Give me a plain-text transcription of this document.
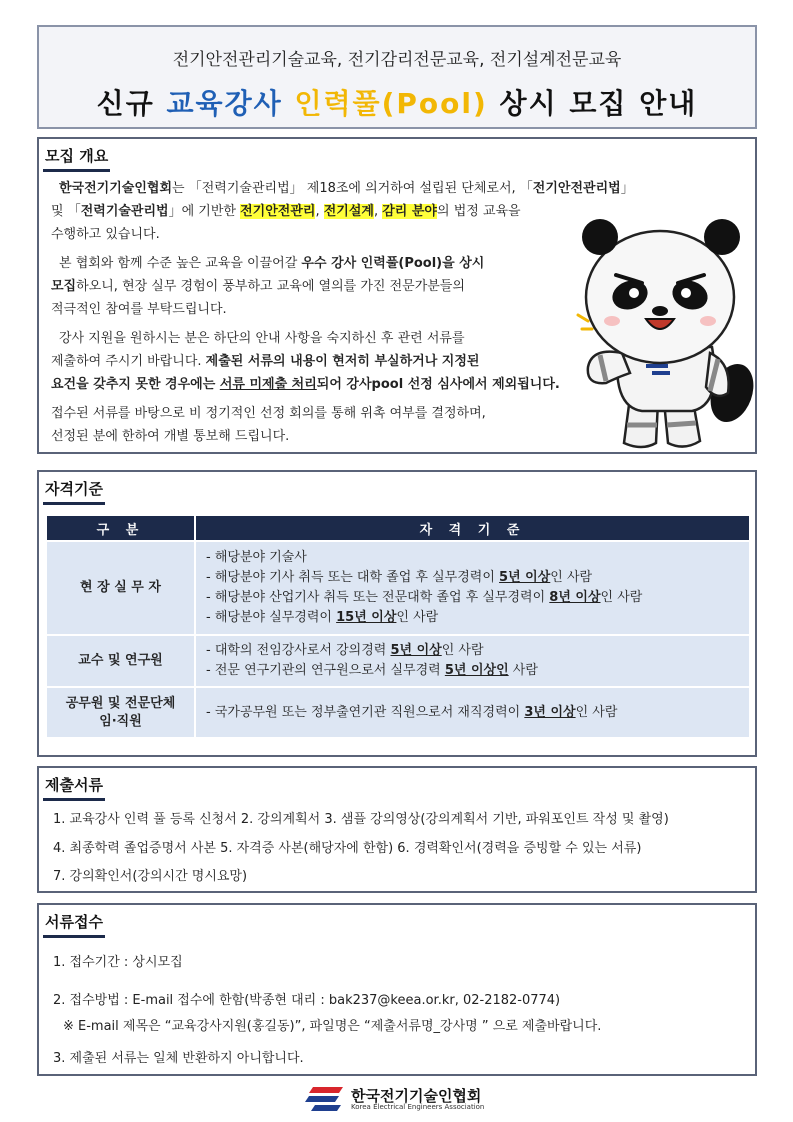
전기안전관리기술교육, 전기감리전문교육, 전기설계전문교육
신규 교육강사 인력풀(Pool) 상시 모집 안내
모집 개요
한국전기기술인협회는 「전력기술관리법」 제18조에 의거하여 설립된 단체로서, 「전기안전관리법」
및 「전력기술관리법」에 기반한 전기안전관리, 전기설계, 감리 분야의 법정 교육을
수행하고 있습니다.
본 협회와 함께 수준 높은 교육을 이끌어갈 우수 강사 인력풀(Pool)을 상시
모집하오니, 현장 실무 경험이 풍부하고 교육에 열의를 가진 전문가분들의
적극적인 참여를 부탁드립니다.
강사 지원을 원하시는 분은 하단의 안내 사항을 숙지하신 후 관련 서류를
제출하여 주시기 바랍니다. 제출된 서류의 내용이 현저히 부실하거나 지정된
요건을 갖추지 못한 경우에는 서류 미제출 처리되어 강사pool 선정 심사에서 제외됩니다.
접수된 서류를 바탕으로 비 정기적인 선정 회의를 통해 위촉 여부를 결정하며,
선정된 분에 한하여 개별 통보해 드립니다.
자격기준
구 분	자 격 기 준
현 장 실 무 자	- 해당분야 기술사
- 해당분야 기사 취득 또는 대학 졸업 후 실무경력이 5년 이상인 사람
- 해당분야 산업기사 취득 또는 전문대학 졸업 후 실무경력이 8년 이상인 사람
- 해당분야 실무경력이 15년 이상인 사람

교수 및 연구원	- 대학의 전임강사로서 강의경력 5년 이상인 사람
- 전문 연구기관의 연구원으로서 실무경력 5년 이상인 사람

공무원 및 전문단체
임·직원	- 국가공무원 또는 정부출연기관 직원으로서 재직경력이 3년 이상인 사람
제출서류
1. 교육강사 인력 풀 등록 신청서 2. 강의계획서 3. 샘플 강의영상(강의계획서 기반, 파워포인트 작성 및 촬영)
4. 최종학력 졸업증명서 사본 5. 자격증 사본(해당자에 한함) 6. 경력확인서(경력을 증빙할 수 있는 서류)
7. 강의확인서(강의시간 명시요망)
서류접수
1. 접수기간 : 상시모집
2. 접수방법 : E-mail 접수에 한함(박종현 대리 : bak237@keea.or.kr, 02-2182-0774)
※ E-mail 제목은 “교육강사지원(홍길동)”, 파일명은 “제출서류명_강사명 ” 으로 제출바랍니다.
3. 제출된 서류는 일체 반환하지 아니합니다.
한국전기기술인협회
Korea Electrical Engineers Association
